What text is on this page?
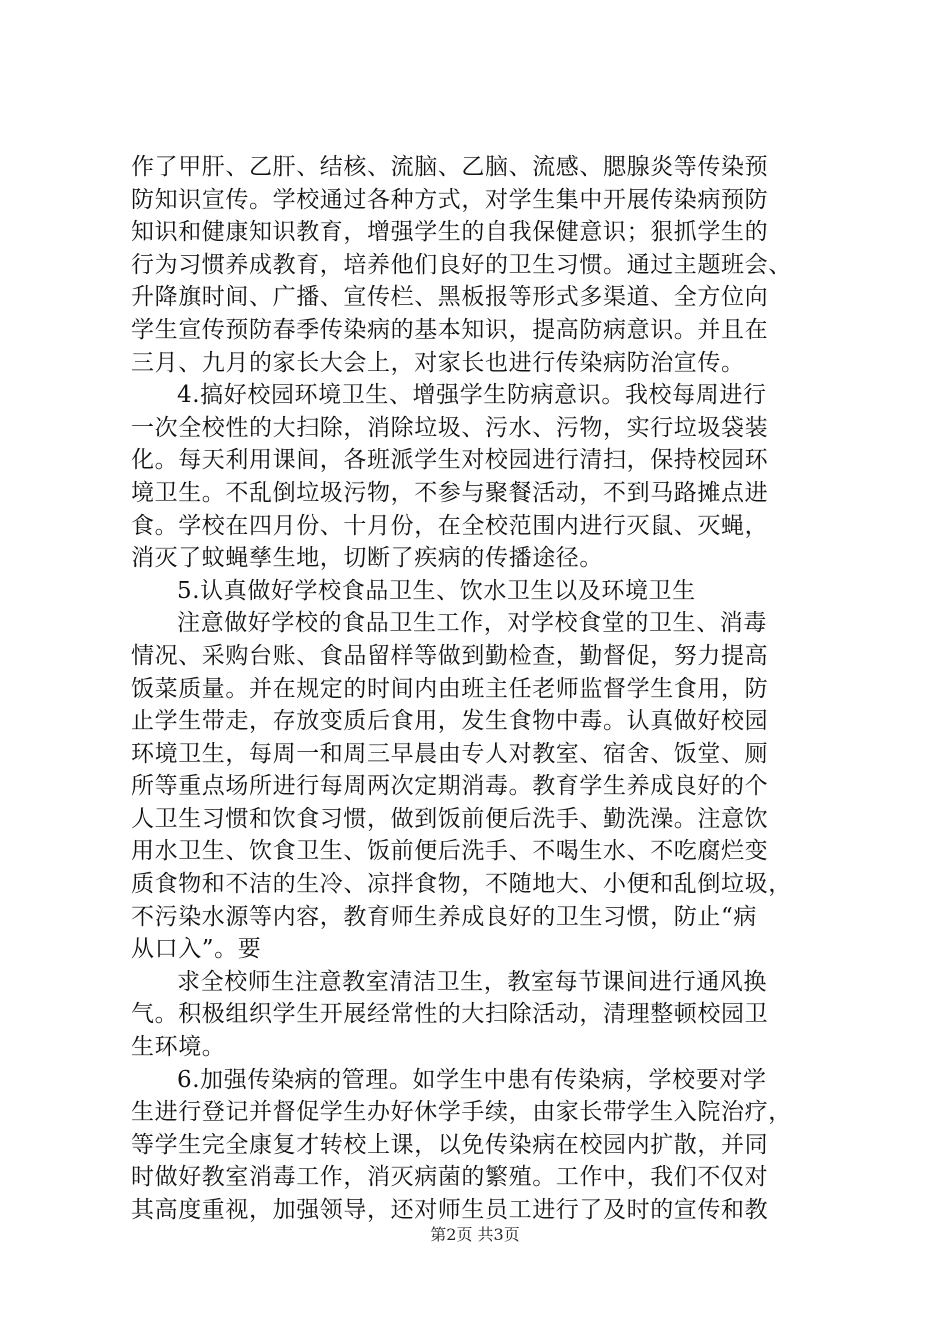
作了甲肝、乙肝、结核、流脑、乙脑、流感、腮腺炎等传染预
防知识宣传。学校通过各种方式，对学生集中开展传染病预防
知识和健康知识教育，增强学生的自我保健意识；狠抓学生的
行为习惯养成教育，培养他们良好的卫生习惯。通过主题班会、
升降旗时间、广播、宣传栏、黑板报等形式多渠道、全方位向
学生宣传预防春季传染病的基本知识，提高防病意识。并且在
三月、九月的家长大会上，对家长也进行传染病防治宣传。
4.搞好校园环境卫生、增强学生防病意识。我校每周进行
一次全校性的大扫除，消除垃圾、污水、污物，实行垃圾袋装
化。每天利用课间，各班派学生对校园进行清扫，保持校园环
境卫生。不乱倒垃圾污物，不参与聚餐活动，不到马路摊点进
食。学校在四月份、十月份，在全校范围内进行灭鼠、灭蝇，
消灭了蚊蝇孳生地，切断了疾病的传播途径。
5.认真做好学校食品卫生、饮水卫生以及环境卫生
注意做好学校的食品卫生工作，对学校食堂的卫生、消毒
情况、采购台账、食品留样等做到勤检查，勤督促，努力提高
饭菜质量。并在规定的时间内由班主任老师监督学生食用，防
止学生带走，存放变质后食用，发生食物中毒。认真做好校园
环境卫生，每周一和周三早晨由专人对教室、宿舍、饭堂、厕
所等重点场所进行每周两次定期消毒。教育学生养成良好的个
人卫生习惯和饮食习惯，做到饭前便后洗手、勤洗澡。注意饮
用水卫生、饮食卫生、饭前便后洗手、不喝生水、不吃腐烂变
质食物和不洁的生冷、凉拌食物，不随地大、小便和乱倒垃圾，
不污染水源等内容，教育师生养成良好的卫生习惯，防止“病
从口入”。要
求全校师生注意教室清洁卫生，教室每节课间进行通风换
气。积极组织学生开展经常性的大扫除活动，清理整顿校园卫
生环境。
6.加强传染病的管理。如学生中患有传染病，学校要对学
生进行登记并督促学生办好休学手续，由家长带学生入院治疗，
等学生完全康复才转校上课，以免传染病在校园内扩散，并同
时做好教室消毒工作，消灭病菌的繁殖。工作中，我们不仅对
其高度重视，加强领导，还对师生员工进行了及时的宣传和教
第2页 共3页
